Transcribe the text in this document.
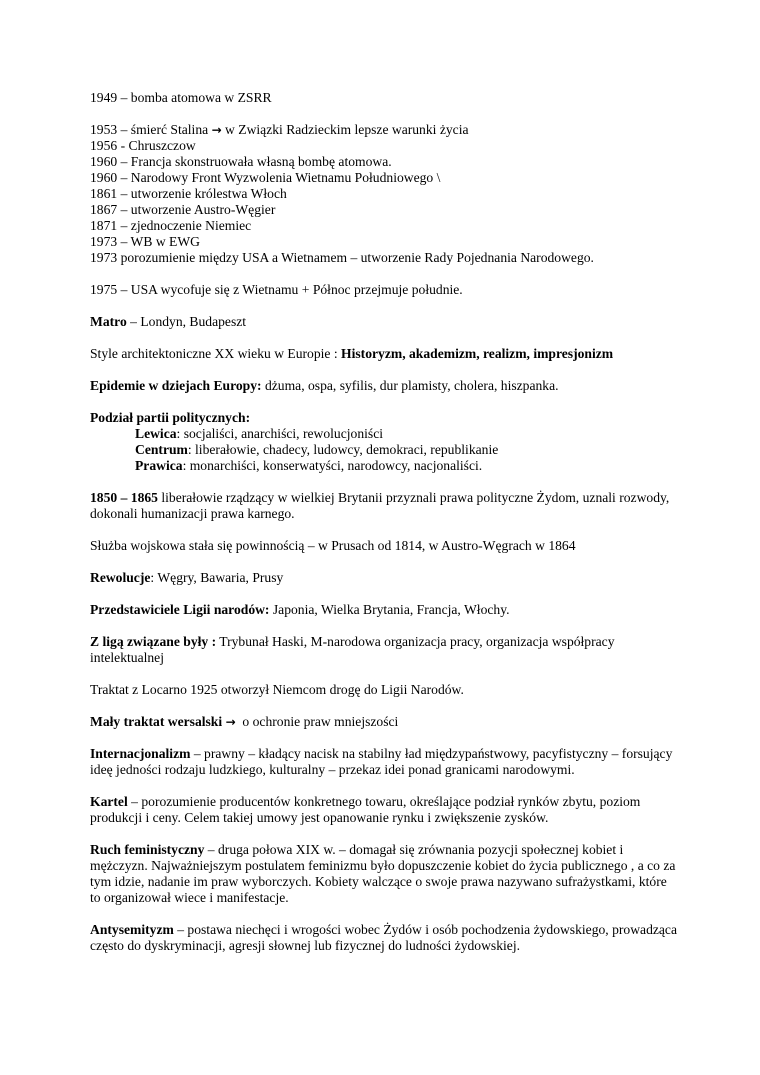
1949 – bomba atomowa w ZSRR
1953 – śmierć Stalina → w Związki Radzieckim lepsze warunki życia
1956 - Chruszczow
1960 – Francja skonstruowała własną bombę atomowa.
1960 – Narodowy Front Wyzwolenia Wietnamu Południowego \
1861 – utworzenie królestwa Włoch
1867 – utworzenie Austro-Węgier
1871 – zjednoczenie Niemiec
1973 – WB w EWG
1973 porozumienie między USA a Wietnamem – utworzenie Rady Pojednania Narodowego.
1975 – USA wycofuje się z Wietnamu + Północ przejmuje południe.
Matro – Londyn, Budapeszt
Style architektoniczne XX wieku w Europie : Historyzm, akademizm, realizm, impresjonizm
Epidemie w dziejach Europy: dżuma, ospa, syfilis, dur plamisty, cholera, hiszpanka.
Podział partii politycznych:
Lewica: socjaliści, anarchiści, rewolucjoniści
Centrum: liberałowie, chadecy, ludowcy, demokraci, republikanie
Prawica: monarchiści, konserwatyści, narodowcy, nacjonaliści.
1850 – 1865 liberałowie rządzący w wielkiej Brytanii przyznali prawa polityczne Żydom, uznali rozwody, dokonali humanizacji prawa karnego.
Służba wojskowa stała się powinnością – w Prusach od 1814, w Austro-Węgrach w 1864
Rewolucje: Węgry, Bawaria, Prusy
Przedstawiciele Ligii narodów: Japonia, Wielka Brytania, Francja, Włochy.
Z ligą związane były : Trybunał Haski, M-narodowa organizacja pracy, organizacja współpracy intelektualnej
Traktat z Locarno 1925 otworzył Niemcom drogę do Ligii Narodów.
Mały traktat wersalski → o ochronie praw mniejszości
Internacjonalizm – prawny – kładący nacisk na stabilny ład międzypaństwowy, pacyfistyczny – forsujący ideę jedności rodzaju ludzkiego, kulturalny – przekaz idei ponad granicami narodowymi.
Kartel – porozumienie producentów konkretnego towaru, określające podział rynków zbytu, poziom produkcji i ceny. Celem takiej umowy jest opanowanie rynku i zwiększenie zysków.
Ruch feministyczny – druga połowa XIX w. – domagał się zrównania pozycji społecznej kobiet i mężczyzn. Najważniejszym postulatem feminizmu było dopuszczenie kobiet do życia publicznego , a co za tym idzie, nadanie im praw wyborczych. Kobiety walczące o swoje prawa nazywano sufrażystkami, które to organizował wiece i manifestacje.
Antysemityzm – postawa niechęci i wrogości wobec Żydów i osób pochodzenia żydowskiego, prowadząca często do dyskryminacji, agresji słownej lub fizycznej do ludności żydowskiej.
